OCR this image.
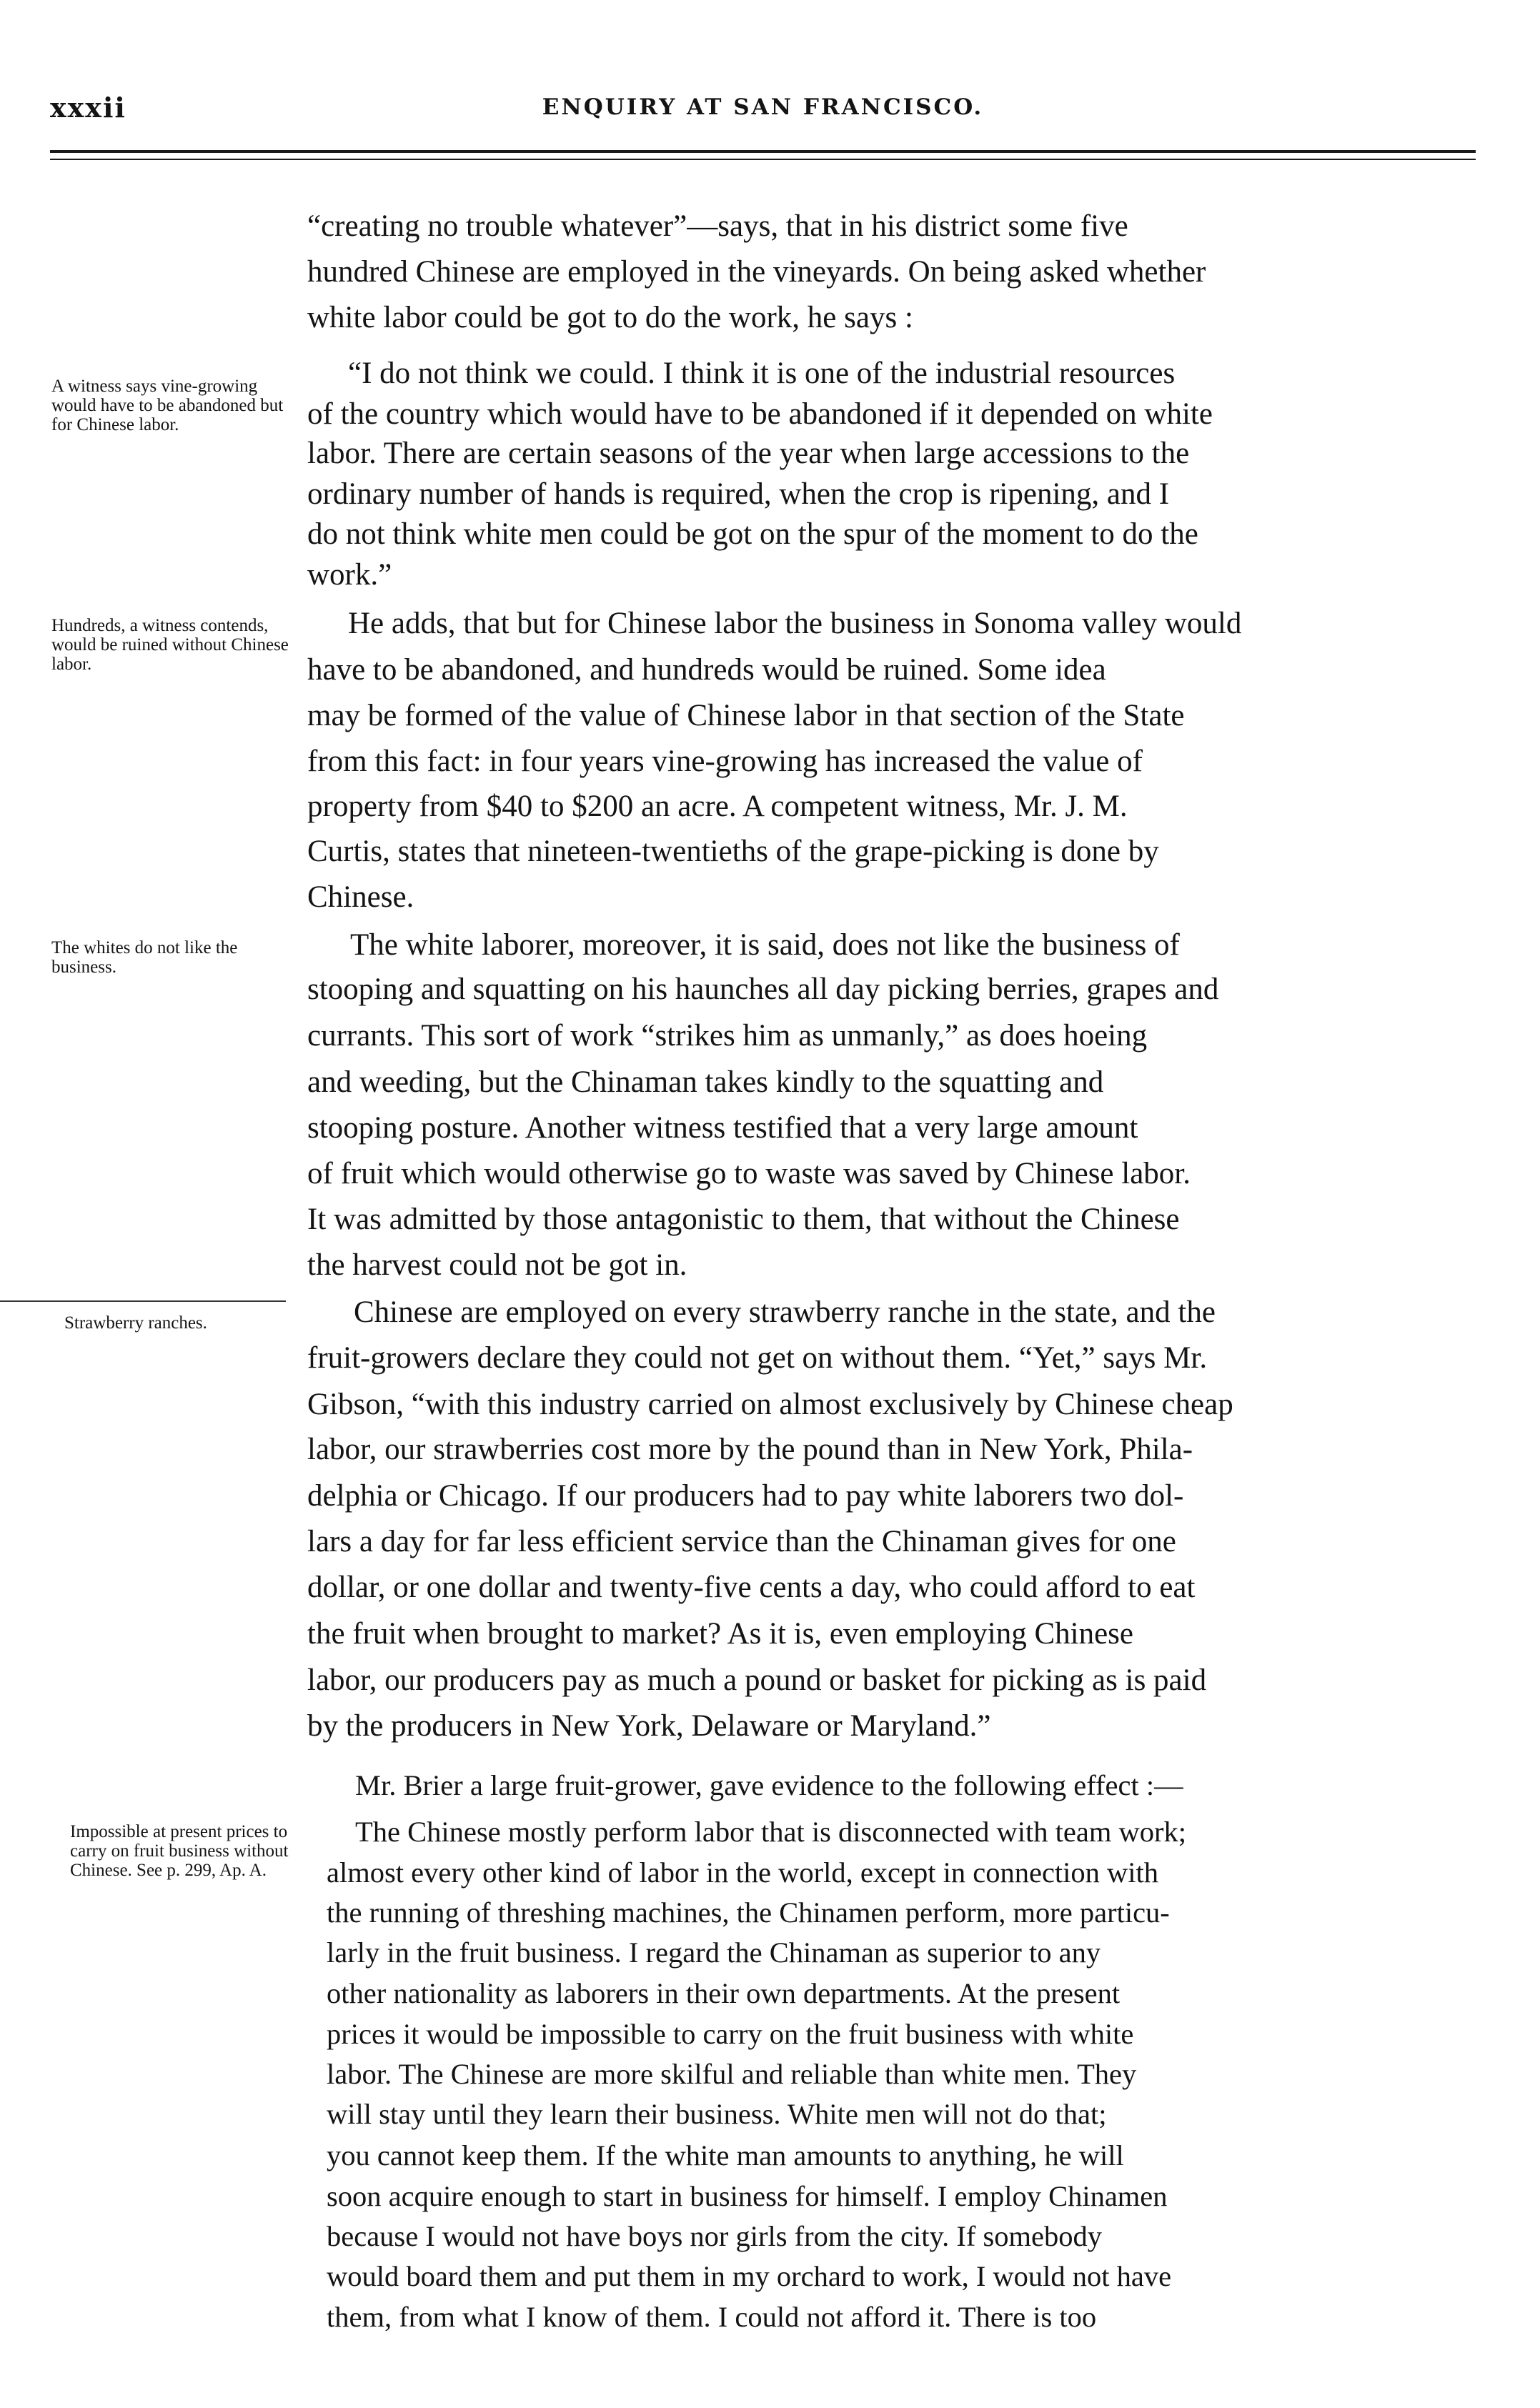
xxxii	ENQUIRY AT SAN FRANCISCO.
A witness says vine-growing would have to be abandoned but for Chinese labor.
Hundreds, a witness contends, would be ruined without Chinese labor.
The whites do not like the business.
Strawberry ranches.
Impossible at present prices to carry on fruit business without Chinese. See p. 299, Ap. A.
“creating no trouble whatever”—says, that in his district some five
hundred Chinese are employed in the vineyards. On being asked whether
white labor could be got to do the work, he says :
“I do not think we could. I think it is one of the industrial resources
of the country which would have to be abandoned if it depended on white
labor. There are certain seasons of the year when large accessions to the
ordinary number of hands is required, when the crop is ripening, and I
do not think white men could be got on the spur of the moment to do the
work.”
He adds, that but for Chinese labor the business in Sonoma valley would
have to be abandoned, and hundreds would be ruined. Some idea
may be formed of the value of Chinese labor in that section of the State
from this fact: in four years vine-growing has increased the value of
property from $40 to $200 an acre. A competent witness, Mr. J. M.
Curtis, states that nineteen-twentieths of the grape-picking is done by
Chinese.
The white laborer, moreover, it is said, does not like the business of
stooping and squatting on his haunches all day picking berries, grapes and
currants. This sort of work “strikes him as unmanly,” as does hoeing
and weeding, but the Chinaman takes kindly to the squatting and
stooping posture. Another witness testified that a very large amount
of fruit which would otherwise go to waste was saved by Chinese labor.
It was admitted by those antagonistic to them, that without the Chinese
the harvest could not be got in.
Chinese are employed on every strawberry ranche in the state, and the
fruit-growers declare they could not get on without them. “Yet,” says Mr.
Gibson, “with this industry carried on almost exclusively by Chinese cheap
labor, our strawberries cost more by the pound than in New York, Phila-
delphia or Chicago. If our producers had to pay white laborers two dol-
lars a day for far less efficient service than the Chinaman gives for one
dollar, or one dollar and twenty-five cents a day, who could afford to eat
the fruit when brought to market? As it is, even employing Chinese
labor, our producers pay as much a pound or basket for picking as is paid
by the producers in New York, Delaware or Maryland.”
Mr. Brier a large fruit-grower, gave evidence to the following effect :—
The Chinese mostly perform labor that is disconnected with team work;
almost every other kind of labor in the world, except in connection with
the running of threshing machines, the Chinamen perform, more particu-
larly in the fruit business. I regard the Chinaman as superior to any
other nationality as laborers in their own departments. At the present
prices it would be impossible to carry on the fruit business with white
labor. The Chinese are more skilful and reliable than white men. They
will stay until they learn their business. White men will not do that;
you cannot keep them. If the white man amounts to anything, he will
soon acquire enough to start in business for himself. I employ Chinamen
because I would not have boys nor girls from the city. If somebody
would board them and put them in my orchard to work, I would not have
them, from what I know of them. I could not afford it. There is too
